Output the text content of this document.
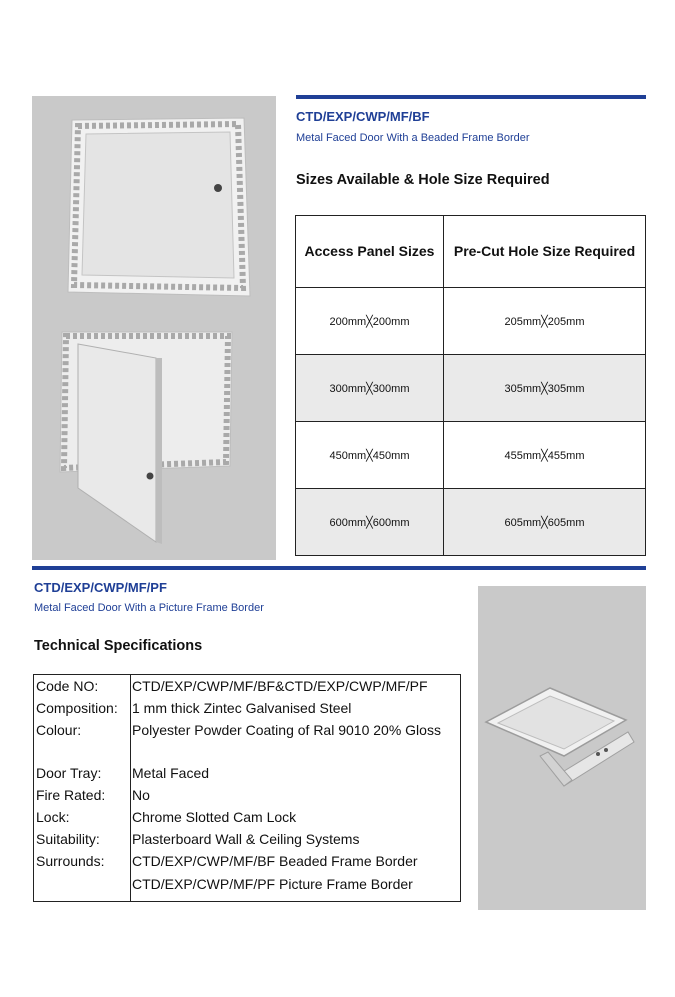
CTD/EXP/CWP/MF/BF
Metal Faced Door With a Beaded Frame Border
Sizes Available & Hole Size Required
Access Panel Sizes	Pre-Cut Hole Size Required
200mm╳200mm	205mm╳205mm
300mm╳300mm	305mm╳305mm
450mm╳450mm	455mm╳455mm
600mm╳600mm	605mm╳605mm
CTD/EXP/CWP/MF/PF
Metal Faced Door With a Picture Frame Border
Technical Specifications
Code NO:	CTD/EXP/CWP/MF/BF&CTD/EXP/CWP/MF/PF
Composition:	1 mm thick Zintec Galvanised Steel
Colour:	Polyester Powder Coating of Ral 9010 20% Gloss
Door Tray:	Metal Faced
Fire Rated:	No
Lock:	Chrome Slotted Cam Lock
Suitability:	Plasterboard Wall & Ceiling Systems
Surrounds:	CTD/EXP/CWP/MF/BF Beaded Frame Border
CTD/EXP/CWP/MF/PF Picture Frame Border
